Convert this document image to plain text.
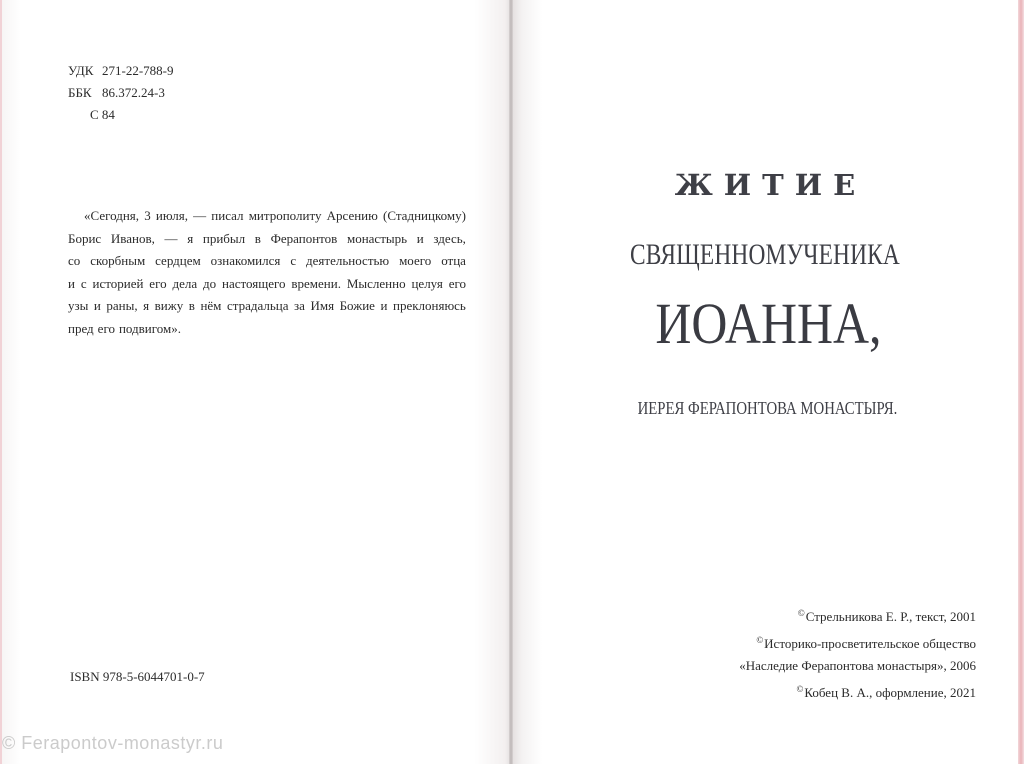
УДК 271-22-788-9
ББК 86.372.24-3
С 84
«Сегодня, 3 июля, — писал митрополиту Арсению (Стадницкому)
Борис Иванов, — я прибыл в Ферапонтов монастырь и здесь,
со скорбным сердцем ознакомился с деятельностью моего отца
и с историей его дела до настоящего времени. Мысленно целуя его
узы и раны, я вижу в нём страдальца за Имя Божие и преклоняюсь
пред его подвигом».
©Стрельникова Е. Р., текст, 2001
©Историко-просветительское общество
«Наследие Ферапонтова монастыря», 2006
©Кобец В. А., оформление, 2021
ISBN 978-5-6044701-0-7
© Ferapontov-monastyr.ru
ЖИТИЕ
СВЯЩЕННОМУЧЕНИКА
ИОАННА,
ИЕРЕЯ ФЕРАПОНТОВА МОНАСТЫРЯ.
